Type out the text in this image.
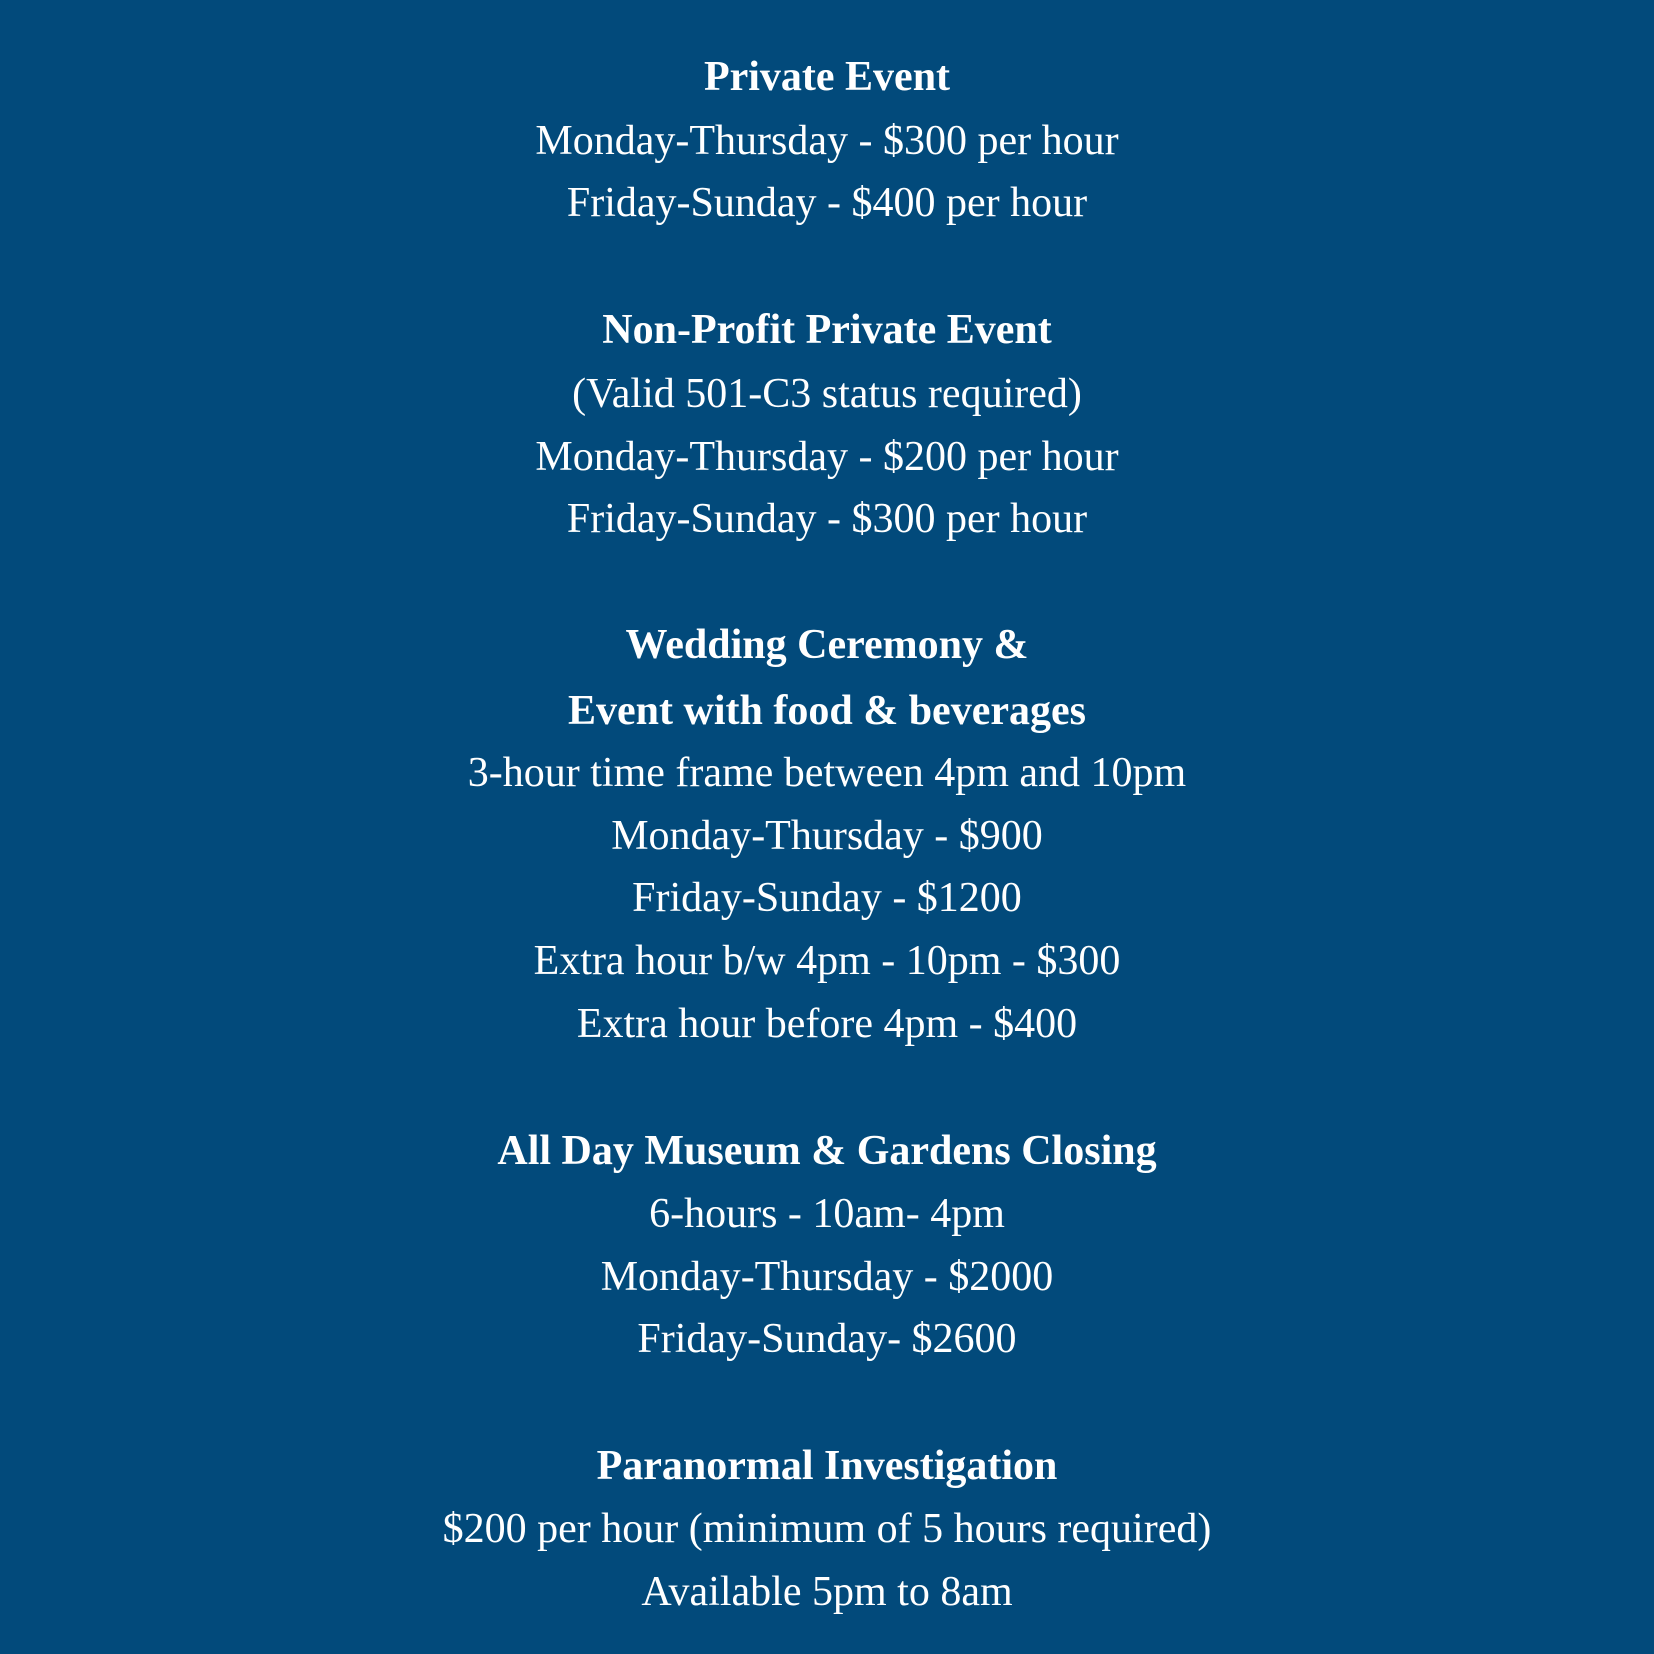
Private Event
Monday-Thursday - $300 per hour
Friday-Sunday - $400 per hour
Non-Profit Private Event
(Valid 501-C3 status required)
Monday-Thursday - $200 per hour
Friday-Sunday - $300 per hour
Wedding Ceremony &
Event with food & beverages
3-hour time frame between 4pm and 10pm
Monday-Thursday - $900
Friday-Sunday - $1200
Extra hour b/w 4pm - 10pm - $300
Extra hour before 4pm - $400
All Day Museum & Gardens Closing
6-hours - 10am- 4pm
Monday-Thursday - $2000
Friday-Sunday- $2600
Paranormal Investigation
$200 per hour (minimum of 5 hours required)
Available 5pm to 8am
